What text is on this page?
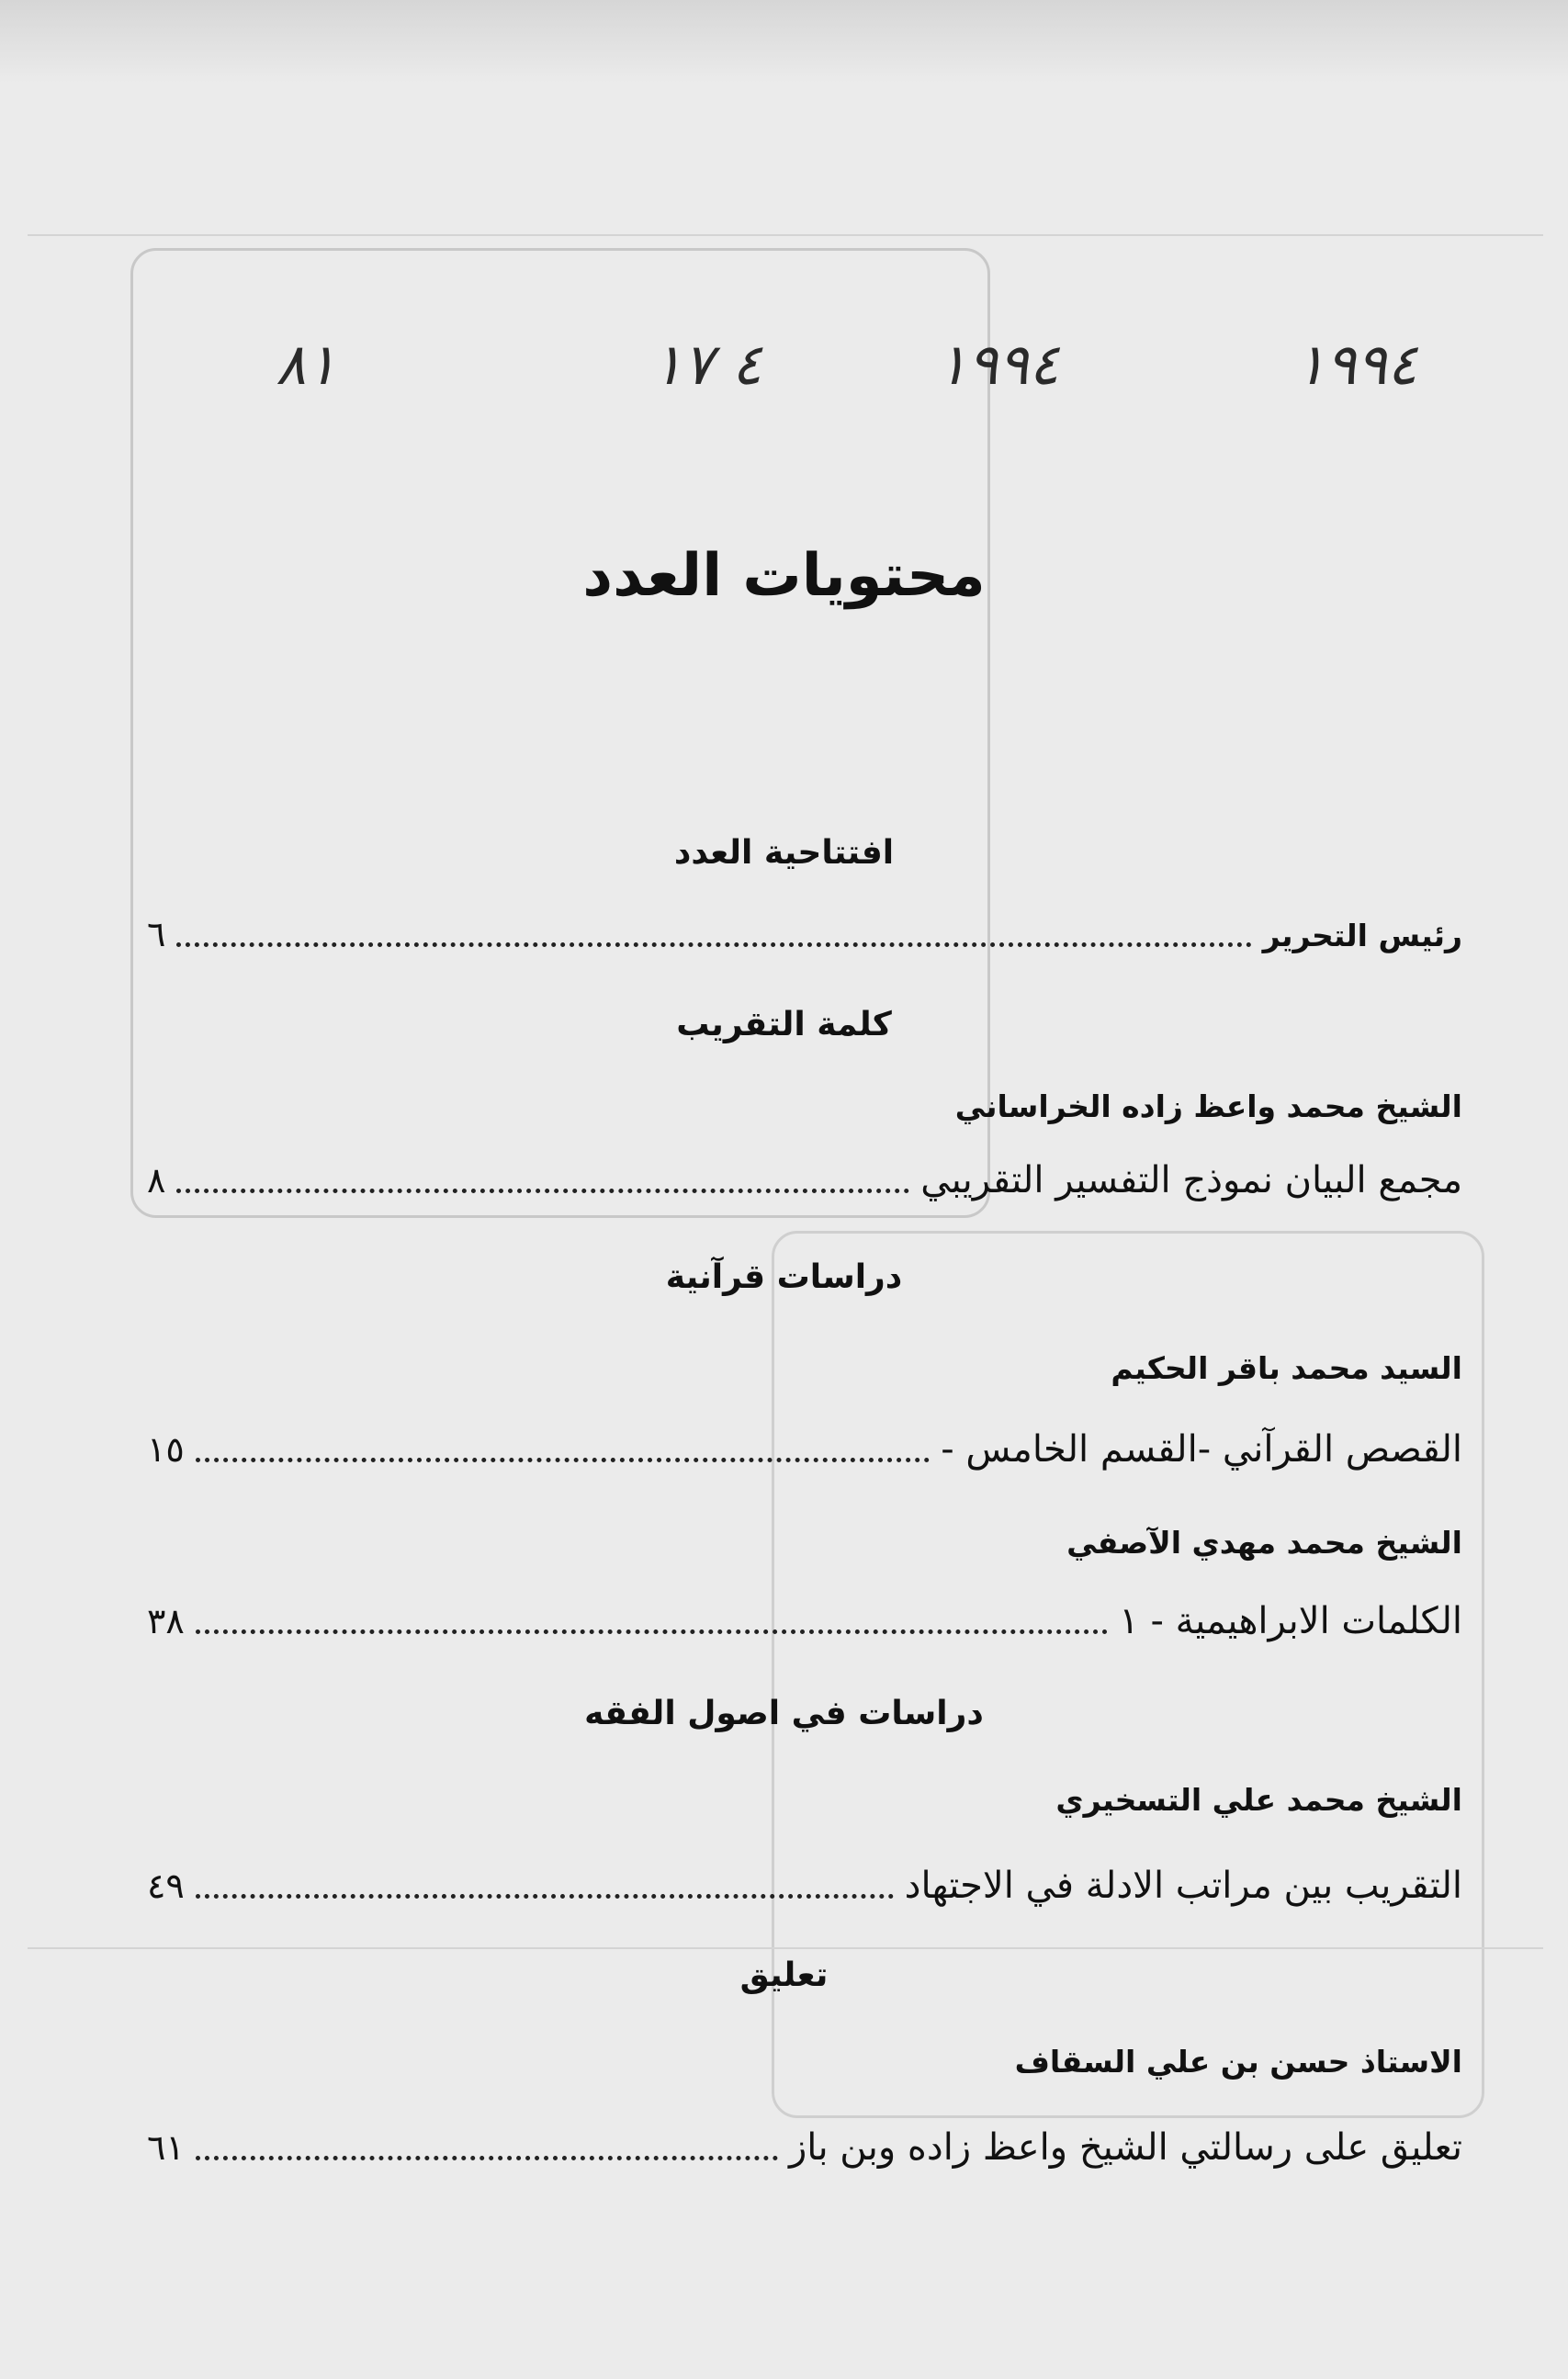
١٩٩٤
١٩٩٤
٤ ١٧
٨١
محتويات العدد
افتتاحية العدد
رئيس التحرير
٦
كلمة التقريب
الشيخ محمد واعظ زاده الخراساني
مجمع البيان نموذج التفسير التقريبي
٨
دراسات قرآنية
السيد محمد باقر الحكيم
القصص القرآني -القسم الخامس -
١٥
الشيخ محمد مهدي الآصفي
الكلمات الابراهيمية - ١
٣٨
دراسات في اصول الفقه
الشيخ محمد علي التسخيري
التقريب بين مراتب الادلة في الاجتهاد
٤٩
تعليق
الاستاذ حسن بن علي السقاف
تعليق على رسالتي الشيخ واعظ زاده وبن باز
٦١
